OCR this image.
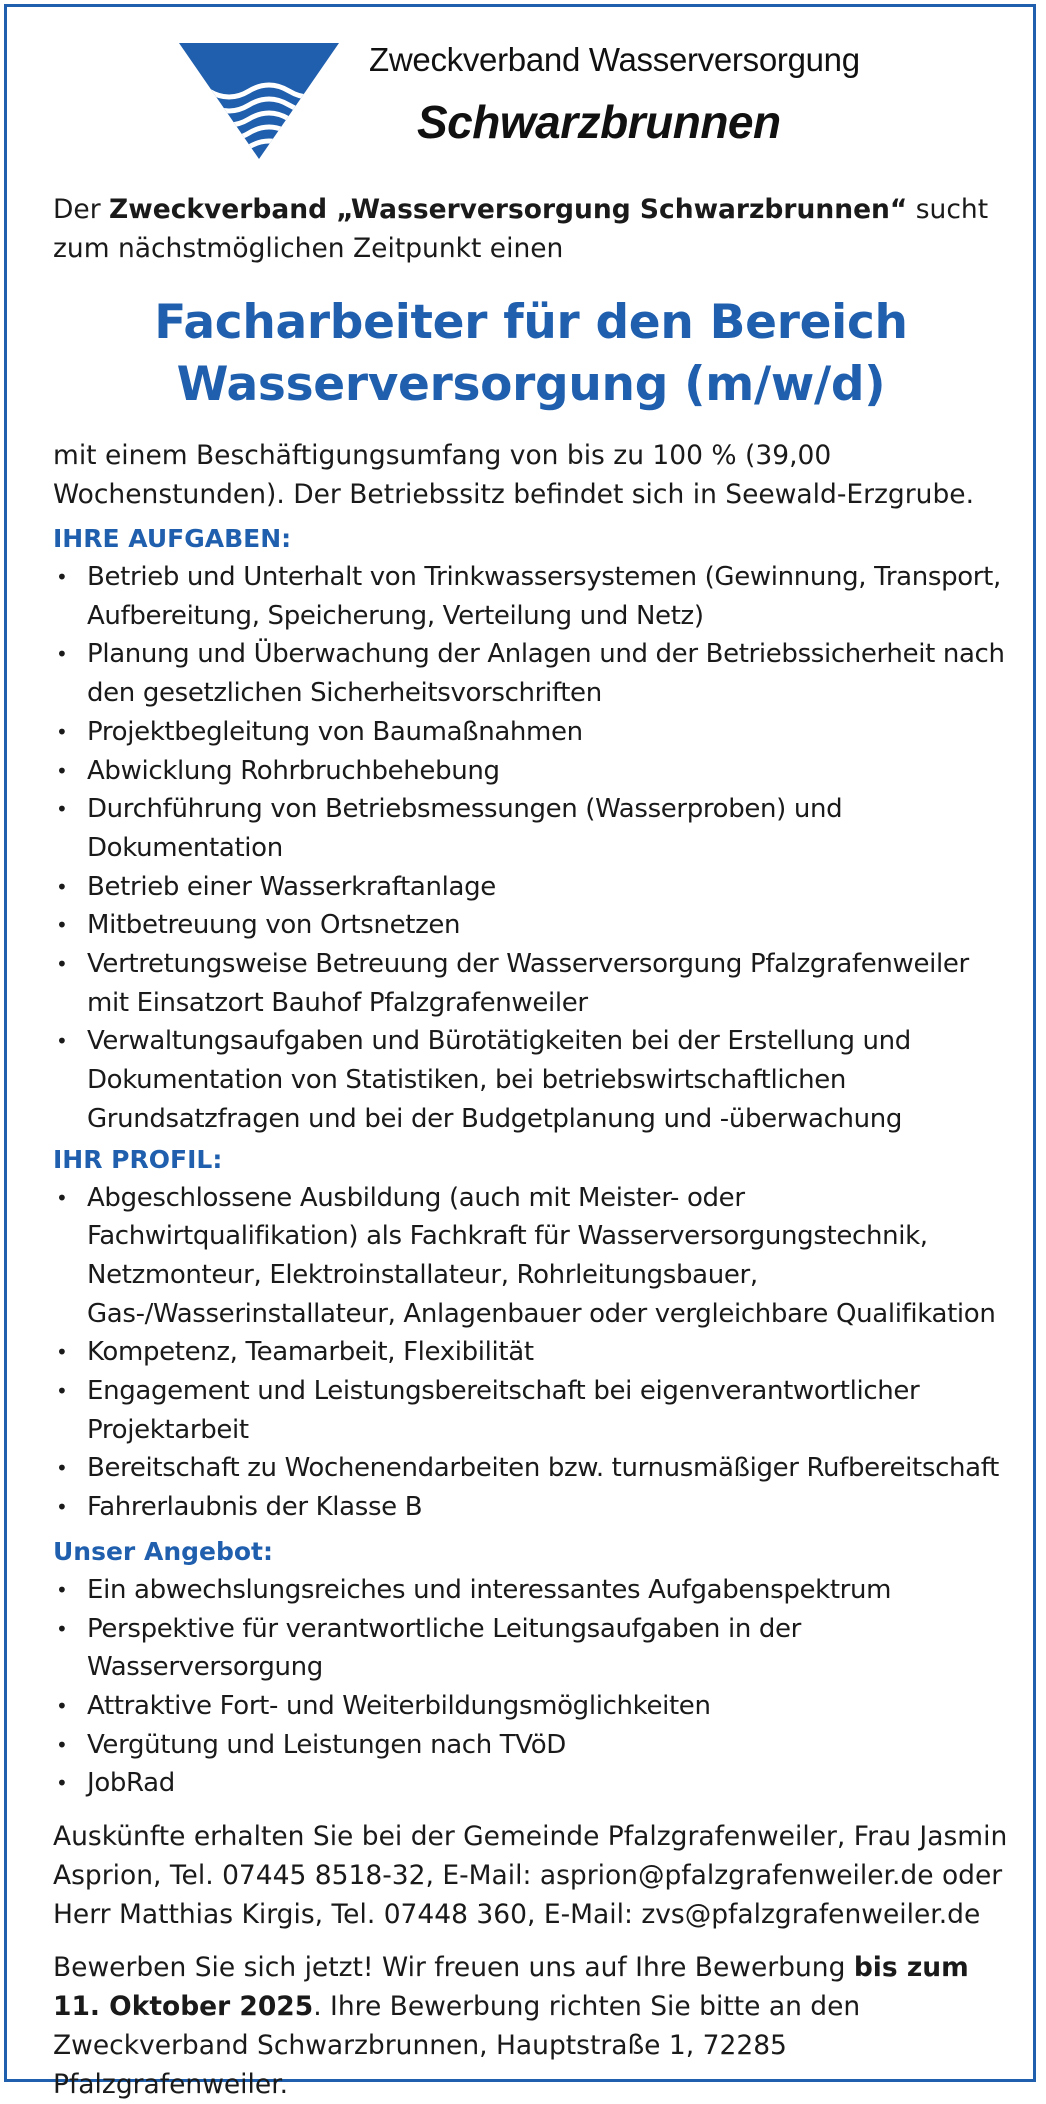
Zweckverband Wasserversorgung
Schwarzbrunnen

Der Zweckverband „Wasserversorgung Schwarzbrunnen“ sucht zum nächstmöglichen Zeitpunkt einen

Facharbeiter für den Bereich
Wasserversorgung (m/w/d)

mit einem Beschäftigungsumfang von bis zu 100 % (39,00 Wochenstunden). Der Betriebssitz befindet sich in Seewald-Erzgrube.

IHRE AUFGABEN:
• Betrieb und Unterhalt von Trinkwassersystemen (Gewinnung, Transport, Aufbereitung, Speicherung, Verteilung und Netz)
• Planung und Überwachung der Anlagen und der Betriebssicherheit nach den gesetzlichen Sicherheitsvorschriften
• Projektbegleitung von Baumaßnahmen
• Abwicklung Rohrbruchbehebung
• Durchführung von Betriebsmessungen (Wasserproben) und Dokumentation
• Betrieb einer Wasserkraftanlage
• Mitbetreuung von Ortsnetzen
• Vertretungsweise Betreuung der Wasserversorgung Pfalzgrafenweiler mit Einsatzort Bauhof Pfalzgrafenweiler
• Verwaltungsaufgaben und Bürotätigkeiten bei der Erstellung und Dokumentation von Statistiken, bei betriebswirtschaftlichen Grundsatzfragen und bei der Budgetplanung und -überwachung
IHR PROFIL:
• Abgeschlossene Ausbildung (auch mit Meister- oder Fachwirtqualifikation) als Fachkraft für Wasserversorgungstechnik, Netzmonteur, Elektroinstallateur, Rohrleitungsbauer, Gas-/Wasserinstallateur, Anlagenbauer oder vergleichbare Qualifikation
• Kompetenz, Teamarbeit, Flexibilität
• Engagement und Leistungsbereitschaft bei eigenverantwortlicher Projektarbeit
• Bereitschaft zu Wochenendarbeiten bzw. turnusmäßiger Rufbereitschaft
• Fahrerlaubnis der Klasse B
Unser Angebot:
• Ein abwechslungsreiches und interessantes Aufgabenspektrum
• Perspektive für verantwortliche Leitungsaufgaben in der Wasserversorgung
• Attraktive Fort- und Weiterbildungsmöglichkeiten
• Vergütung und Leistungen nach TVöD
• JobRad

Auskünfte erhalten Sie bei der Gemeinde Pfalzgrafenweiler, Frau Jasmin Asprion, Tel. 07445 8518-32, E-Mail: asprion@pfalzgrafenweiler.de oder Herr Matthias Kirgis, Tel. 07448 360, E-Mail: zvs@pfalzgrafenweiler.de

Bewerben Sie sich jetzt! Wir freuen uns auf Ihre Bewerbung bis zum 11. Oktober 2025. Ihre Bewerbung richten Sie bitte an den Zweckverband Schwarzbrunnen, Hauptstraße 1, 72285 Pfalzgrafenweiler.
